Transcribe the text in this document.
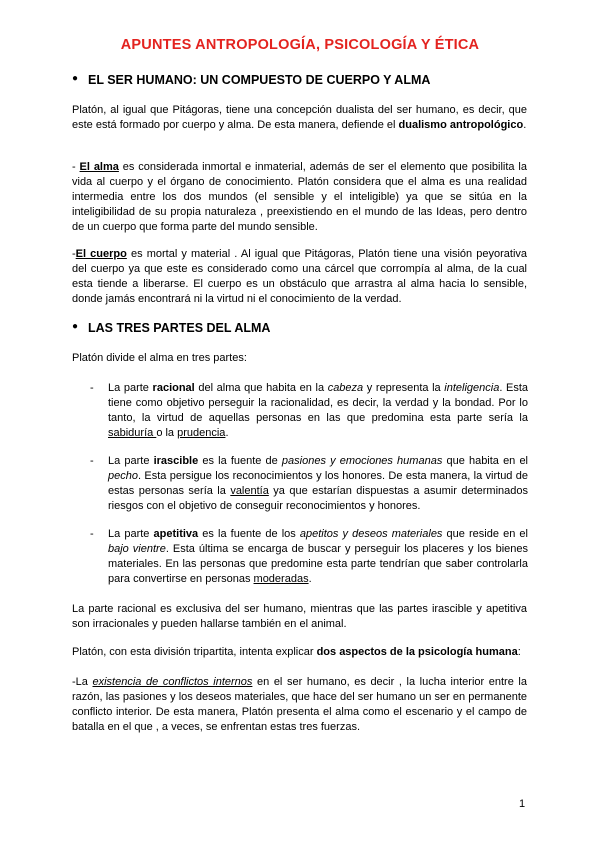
APUNTES ANTROPOLOGÍA, PSICOLOGÍA Y ÉTICA
● EL SER HUMANO: UN COMPUESTO DE CUERPO Y ALMA
Platón, al igual que Pitágoras, tiene una concepción dualista del ser humano, es decir, que este está formado por cuerpo y alma. De esta manera, defiende el dualismo antropológico.
- El alma es considerada inmortal e inmaterial, además de ser el elemento que posibilita la vida al cuerpo y el órgano de conocimiento. Platón considera que el alma es una realidad intermedia entre los dos mundos (el sensible y el inteligible) ya que se sitúa en la inteligibilidad de su propia naturaleza , preexistiendo en el mundo de las Ideas, pero dentro de un cuerpo que forma parte del mundo sensible.
-El cuerpo es mortal y material . Al igual que Pitágoras, Platón tiene una visión peyorativa del cuerpo ya que este es considerado como una cárcel que corrompía al alma, de la cual esta tiende a liberarse. El cuerpo es un obstáculo que arrastra al alma hacia lo sensible, donde jamás encontrará ni la virtud ni el conocimiento de la verdad.
● LAS TRES PARTES DEL ALMA
Platón divide el alma en tres partes:
- La parte racional del alma que habita en la cabeza y representa la inteligencia. Esta tiene como objetivo perseguir la racionalidad, es decir, la verdad y la bondad. Por lo tanto, la virtud de aquellas personas en las que predomina esta parte sería la sabiduría o la prudencia.
- La parte irascible es la fuente de pasiones y emociones humanas que habita en el pecho. Esta persigue los reconocimientos y los honores. De esta manera, la virtud de estas personas sería la valentía ya que estarían dispuestas a asumir determinados riesgos con el objetivo de conseguir reconocimientos y honores.
- La parte apetitiva es la fuente de los apetitos y deseos materiales que reside en el bajo vientre. Esta última se encarga de buscar y perseguir los placeres y los bienes materiales. En las personas que predomine esta parte tendrían que saber controlarla para convertirse en personas moderadas.
La parte racional es exclusiva del ser humano, mientras que las partes irascible y apetitiva son irracionales y pueden hallarse también en el animal.
Platón, con esta división tripartita, intenta explicar dos aspectos de la psicología humana:
-La existencia de conflictos internos en el ser humano, es decir , la lucha interior entre la razón, las pasiones y los deseos materiales, que hace del ser humano un ser en permanente conflicto interior. De esta manera, Platón presenta el alma como el escenario y el campo de batalla en el que , a veces, se enfrentan estas tres fuerzas.
1
